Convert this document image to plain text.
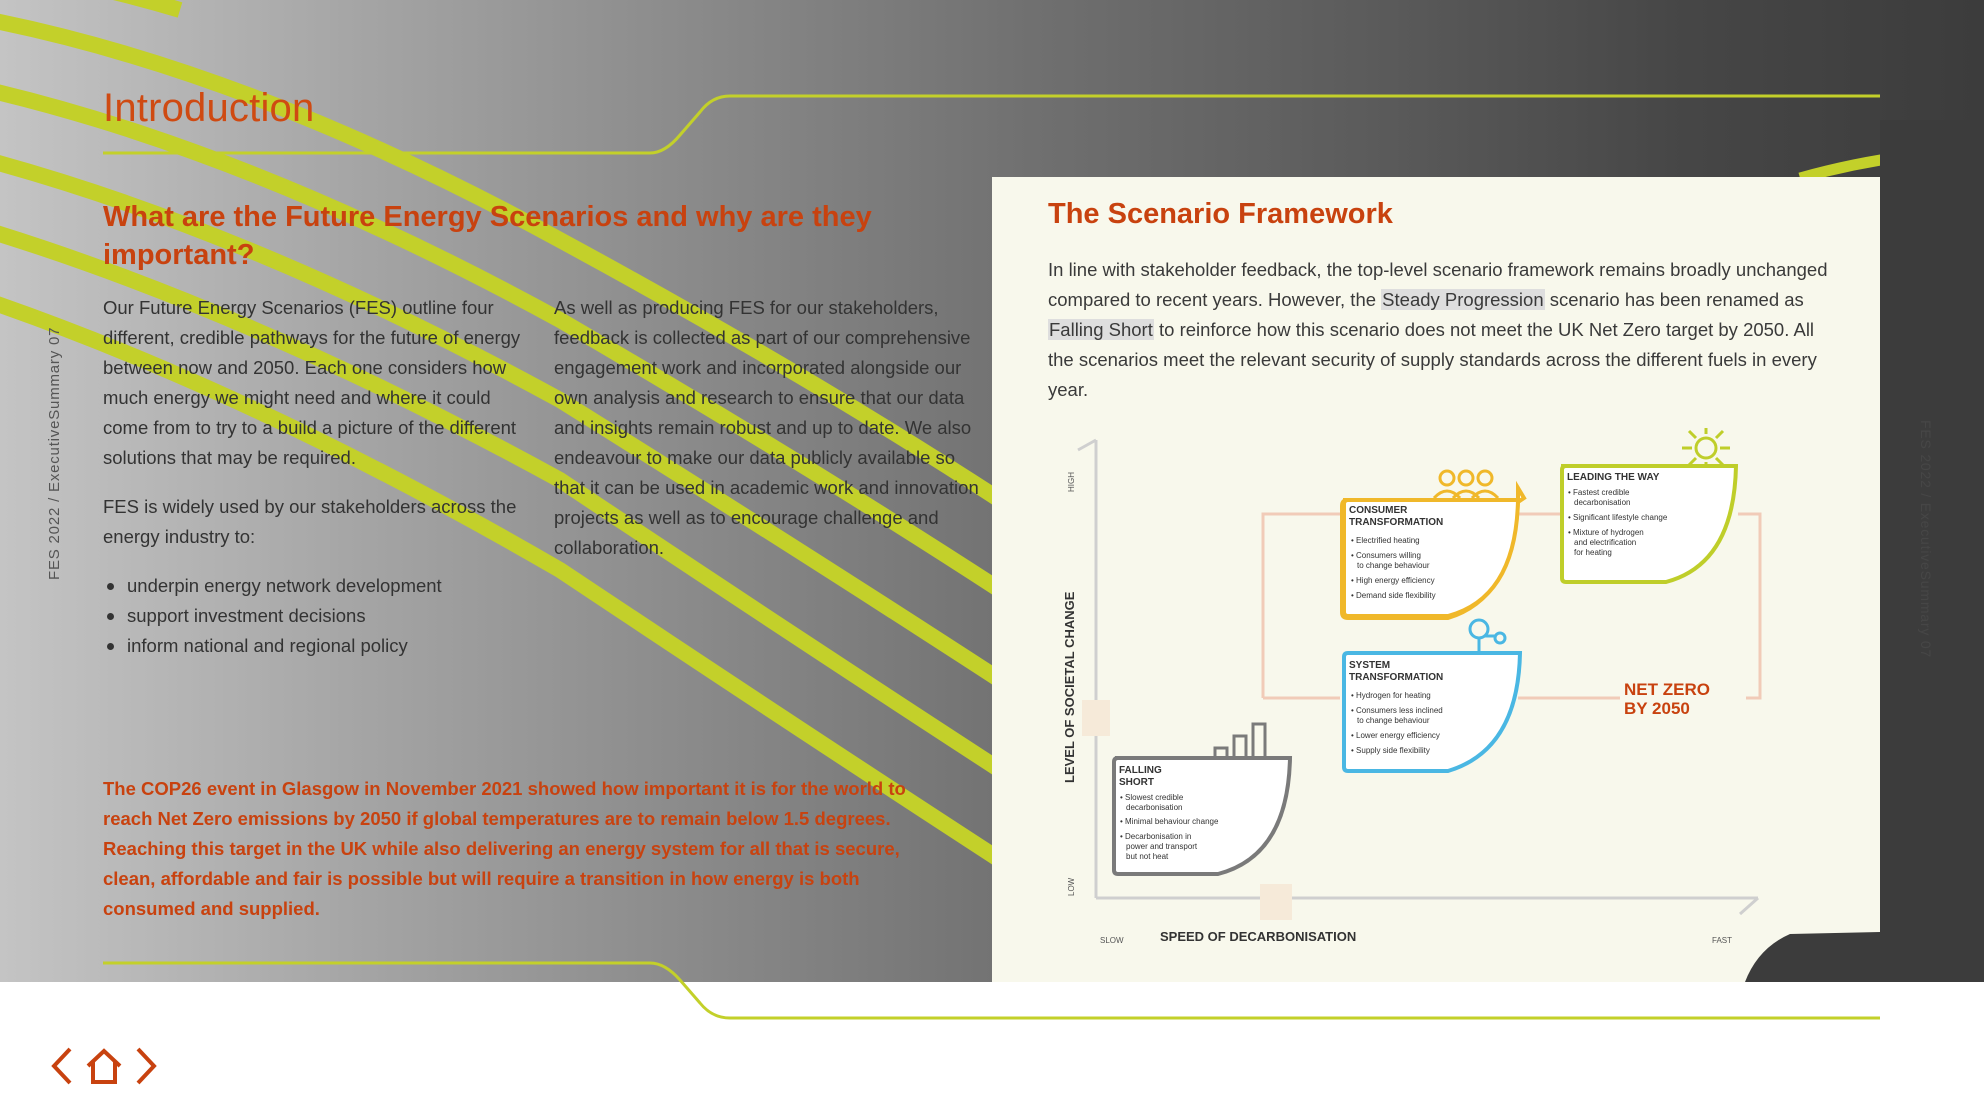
Introduction
FES 2022 / ExecutiveSummary 07	FES 2022 / ExecutiveSummary 07
What are the Future Energy Scenarios and why are they important?

Our Future Energy Scenarios (FES) outline four different, credible pathways for the future of energy between now and 2050. Each one considers how much energy we might need and where it could come from to try to a build a picture of the different solutions that may be required.

FES is widely used by our stakeholders across the energy industry to:

underpin energy network development
support investment decisions
inform national and regional policy

As well as producing FES for our stakeholders, feedback is collected as part of our comprehensive engagement work and incorporated alongside our own analysis and research to ensure that our data and insights remain robust and up to date. We also endeavour to make our data publicly available so that it can be used in academic work and innovation projects as well as to encourage challenge and collaboration.

The COP26 event in Glasgow in November 2021 showed how important it is for the world to reach Net Zero emissions by 2050 if global temperatures are to remain below 1.5 degrees. Reaching this target in the UK while also delivering an energy system for all that is secure, clean, affordable and fair is possible but will require a transition in how energy is both consumed and supplied.

The Scenario Framework

In line with stakeholder feedback, the top-level scenario framework remains broadly unchanged compared to recent years. However, the Steady Progression scenario has been renamed as Falling Short to reinforce how this scenario does not meet the UK Net Zero target by 2050. All the scenarios meet the relevant security of supply standards across the different fuels in every year.

LEVEL OF SOCIETAL CHANGE
HIGH
LOW
SPEED OF DECARBONISATION
SLOW	FAST
NET ZERO
BY 2050
CONSUMER
TRANSFORMATION
• Electrified heating
• Consumers willing
to change behaviour
• High energy efficiency
• Demand side flexibility
LEADING THE WAY
• Fastest credible
decarbonisation
• Significant lifestyle change
• Mixture of hydrogen
and electrification
for heating
SYSTEM
TRANSFORMATION
• Hydrogen for heating
• Consumers less inclined
to change behaviour
• Lower energy efficiency
• Supply side flexibility
FALLING
SHORT
• Slowest credible
decarbonisation
• Minimal behaviour change
• Decarbonisation in
power and transport
but not heat
